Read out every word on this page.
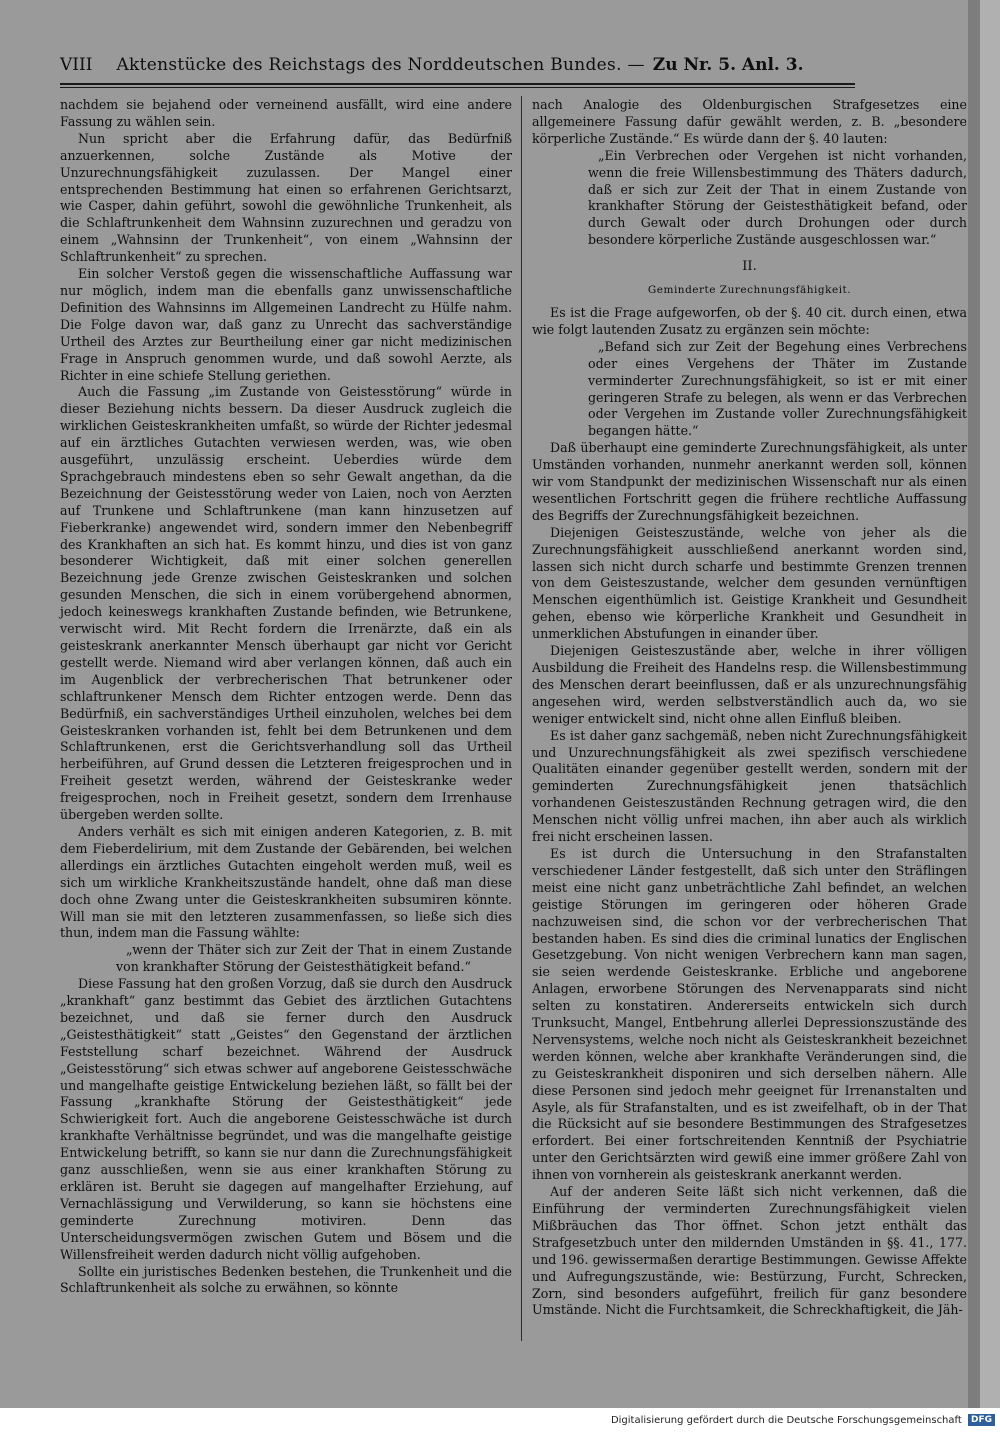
VIII Aktenstücke des Reichstags des Norddeutschen Bundes. — Zu Nr. 5. Anl. 3.

nachdem sie bejahend oder verneinend ausfällt, wird eine andere Fassung zu wählen sein.

Nun spricht aber die Erfahrung dafür, das Bedürfniß anzuerkennen, solche Zustände als Motive der Unzurechnungsfähigkeit zuzulassen. Der Mangel einer entsprechenden Bestimmung hat einen so erfahrenen Gerichtsarzt, wie Casper, dahin geführt, sowohl die gewöhnliche Trunkenheit, als die Schlaftrunkenheit dem Wahnsinn zuzurechnen und geradzu von einem „Wahnsinn der Trunkenheit“, von einem „Wahnsinn der Schlaftrunkenheit“ zu sprechen.

Ein solcher Verstoß gegen die wissenschaftliche Auffassung war nur möglich, indem man die ebenfalls ganz unwissenschaftliche Definition des Wahnsinns im Allgemeinen Landrecht zu Hülfe nahm. Die Folge davon war, daß ganz zu Unrecht das sachverständige Urtheil des Arztes zur Beurtheilung einer gar nicht medizinischen Frage in Anspruch genommen wurde, und daß sowohl Aerzte, als Richter in eine schiefe Stellung geriethen.

Auch die Fassung „im Zustande von Geistesstörung“ würde in dieser Beziehung nichts bessern. Da dieser Ausdruck zugleich die wirklichen Geisteskrankheiten umfaßt, so würde der Richter jedesmal auf ein ärztliches Gutachten verwiesen werden, was, wie oben ausgeführt, unzulässig erscheint. Ueberdies würde dem Sprachgebrauch mindestens eben so sehr Gewalt angethan, da die Bezeichnung der Geistesstörung weder von Laien, noch von Aerzten auf Trunkene und Schlaftrunkene (man kann hinzusetzen auf Fieberkranke) angewendet wird, sondern immer den Nebenbegriff des Krankhaften an sich hat. Es kommt hinzu, und dies ist von ganz besonderer Wichtigkeit, daß mit einer solchen generellen Bezeichnung jede Grenze zwischen Geisteskranken und solchen gesunden Menschen, die sich in einem vorübergehend abnormen, jedoch keineswegs krankhaften Zustande befinden, wie Betrunkene, verwischt wird. Mit Recht fordern die Irrenärzte, daß ein als geisteskrank anerkannter Mensch überhaupt gar nicht vor Gericht gestellt werde. Niemand wird aber verlangen können, daß auch ein im Augenblick der verbrecherischen That betrunkener oder schlaftrunkener Mensch dem Richter entzogen werde. Denn das Bedürfniß, ein sachverständiges Urtheil einzuholen, welches bei dem Geisteskranken vorhanden ist, fehlt bei dem Betrunkenen und dem Schlaftrunkenen, erst die Gerichtsverhandlung soll das Urtheil herbeiführen, auf Grund dessen die Letzteren freigesprochen und in Freiheit gesetzt werden, während der Geisteskranke weder freigesprochen, noch in Freiheit gesetzt, sondern dem Irrenhause übergeben werden sollte.

Anders verhält es sich mit einigen anderen Kategorien, z. B. mit dem Fieberdelirium, mit dem Zustande der Gebärenden, bei welchen allerdings ein ärztliches Gutachten eingeholt werden muß, weil es sich um wirkliche Krankheitszustände handelt, ohne daß man diese doch ohne Zwang unter die Geisteskrankheiten subsumiren könnte. Will man sie mit den letzteren zusammenfassen, so ließe sich dies thun, indem man die Fassung wählte:

„wenn der Thäter sich zur Zeit der That in einem Zustande von krankhafter Störung der Geistesthätigkeit befand.“

Diese Fassung hat den großen Vorzug, daß sie durch den Ausdruck „krankhaft“ ganz bestimmt das Gebiet des ärztlichen Gutachtens bezeichnet, und daß sie ferner durch den Ausdruck „Geistesthätigkeit“ statt „Geistes“ den Gegenstand der ärztlichen Feststellung scharf bezeichnet. Während der Ausdruck „Geistesstörung“ sich etwas schwer auf angeborene Geistesschwäche und mangelhafte geistige Entwickelung beziehen läßt, so fällt bei der Fassung „krankhafte Störung der Geistesthätigkeit“ jede Schwierigkeit fort. Auch die angeborene Geistesschwäche ist durch krankhafte Verhältnisse begründet, und was die mangelhafte geistige Entwickelung betrifft, so kann sie nur dann die Zurechnungsfähigkeit ganz ausschließen, wenn sie aus einer krankhaften Störung zu erklären ist. Beruht sie dagegen auf mangelhafter Erziehung, auf Vernachlässigung und Verwilderung, so kann sie höchstens eine geminderte Zurechnung motiviren. Denn das Unterscheidungsvermögen zwischen Gutem und Bösem und die Willensfreiheit werden dadurch nicht völlig aufgehoben.

Sollte ein juristisches Bedenken bestehen, die Trunkenheit und die Schlaftrunkenheit als solche zu erwähnen, so könnte

nach Analogie des Oldenburgischen Strafgesetzes eine allgemeinere Fassung dafür gewählt werden, z. B. „besondere körperliche Zustände.“ Es würde dann der §. 40 lauten:

„Ein Verbrechen oder Vergehen ist nicht vorhanden, wenn die freie Willensbestimmung des Thäters dadurch, daß er sich zur Zeit der That in einem Zustande von krankhafter Störung der Geistesthätigkeit befand, oder durch Gewalt oder durch Drohungen oder durch besondere körperliche Zustände ausgeschlossen war.“

II.
Geminderte Zurechnungsfähigkeit.

Es ist die Frage aufgeworfen, ob der §. 40 cit. durch einen, etwa wie folgt lautenden Zusatz zu ergänzen sein möchte:

„Befand sich zur Zeit der Begehung eines Verbrechens oder eines Vergehens der Thäter im Zustande verminderter Zurechnungsfähigkeit, so ist er mit einer geringeren Strafe zu belegen, als wenn er das Verbrechen oder Vergehen im Zustande voller Zurechnungsfähigkeit begangen hätte.“

Daß überhaupt eine geminderte Zurechnungsfähigkeit, als unter Umständen vorhanden, nunmehr anerkannt werden soll, können wir vom Standpunkt der medizinischen Wissenschaft nur als einen wesentlichen Fortschritt gegen die frühere rechtliche Auffassung des Begriffs der Zurechnungsfähigkeit bezeichnen.

Diejenigen Geisteszustände, welche von jeher als die Zurechnungsfähigkeit ausschließend anerkannt worden sind, lassen sich nicht durch scharfe und bestimmte Grenzen trennen von dem Geisteszustande, welcher dem gesunden vernünftigen Menschen eigenthümlich ist. Geistige Krankheit und Gesundheit gehen, ebenso wie körperliche Krankheit und Gesundheit in unmerklichen Abstufungen in einander über.

Diejenigen Geisteszustände aber, welche in ihrer völligen Ausbildung die Freiheit des Handelns resp. die Willensbestimmung des Menschen derart beeinflussen, daß er als unzurechnungsfähig angesehen wird, werden selbstverständlich auch da, wo sie weniger entwickelt sind, nicht ohne allen Einfluß bleiben.

Es ist daher ganz sachgemäß, neben nicht Zurechnungsfähigkeit und Unzurechnungsfähigkeit als zwei spezifisch verschiedene Qualitäten einander gegenüber gestellt werden, sondern mit der geminderten Zurechnungsfähigkeit jenen thatsächlich vorhandenen Geisteszuständen Rechnung getragen wird, die den Menschen nicht völlig unfrei machen, ihn aber auch als wirklich frei nicht erscheinen lassen.

Es ist durch die Untersuchung in den Strafanstalten verschiedener Länder festgestellt, daß sich unter den Sträflingen meist eine nicht ganz unbeträchtliche Zahl befindet, an welchen geistige Störungen im geringeren oder höheren Grade nachzuweisen sind, die schon vor der verbrecherischen That bestanden haben. Es sind dies die criminal lunatics der Englischen Gesetzgebung. Von nicht wenigen Verbrechern kann man sagen, sie seien werdende Geisteskranke. Erbliche und angeborene Anlagen, erworbene Störungen des Nervenapparats sind nicht selten zu konstatiren. Andererseits entwickeln sich durch Trunksucht, Mangel, Entbehrung allerlei Depressionszustände des Nervensystems, welche noch nicht als Geisteskrankheit bezeichnet werden können, welche aber krankhafte Veränderungen sind, die zu Geisteskrankheit disponiren und sich derselben nähern. Alle diese Personen sind jedoch mehr geeignet für Irrenanstalten und Asyle, als für Strafanstalten, und es ist zweifelhaft, ob in der That die Rücksicht auf sie besondere Bestimmungen des Strafgesetzes erfordert. Bei einer fortschreitenden Kenntniß der Psychiatrie unter den Gerichtsärzten wird gewiß eine immer größere Zahl von ihnen von vornherein als geisteskrank anerkannt werden.

Auf der anderen Seite läßt sich nicht verkennen, daß die Einführung der verminderten Zurechnungsfähigkeit vielen Mißbräuchen das Thor öffnet. Schon jetzt enthält das Strafgesetzbuch unter den mildernden Umständen in §§. 41., 177. und 196. gewissermaßen derartige Bestimmungen. Gewisse Affekte und Aufregungszustände, wie: Bestürzung, Furcht, Schrecken, Zorn, sind besonders aufgeführt, freilich für ganz besondere Umstände. Nicht die Furchtsamkeit, die Schreckhaftigkeit, die Jäh-

Digitalisierung gefördert durch die Deutsche Forschungsgemeinschaft DFG
